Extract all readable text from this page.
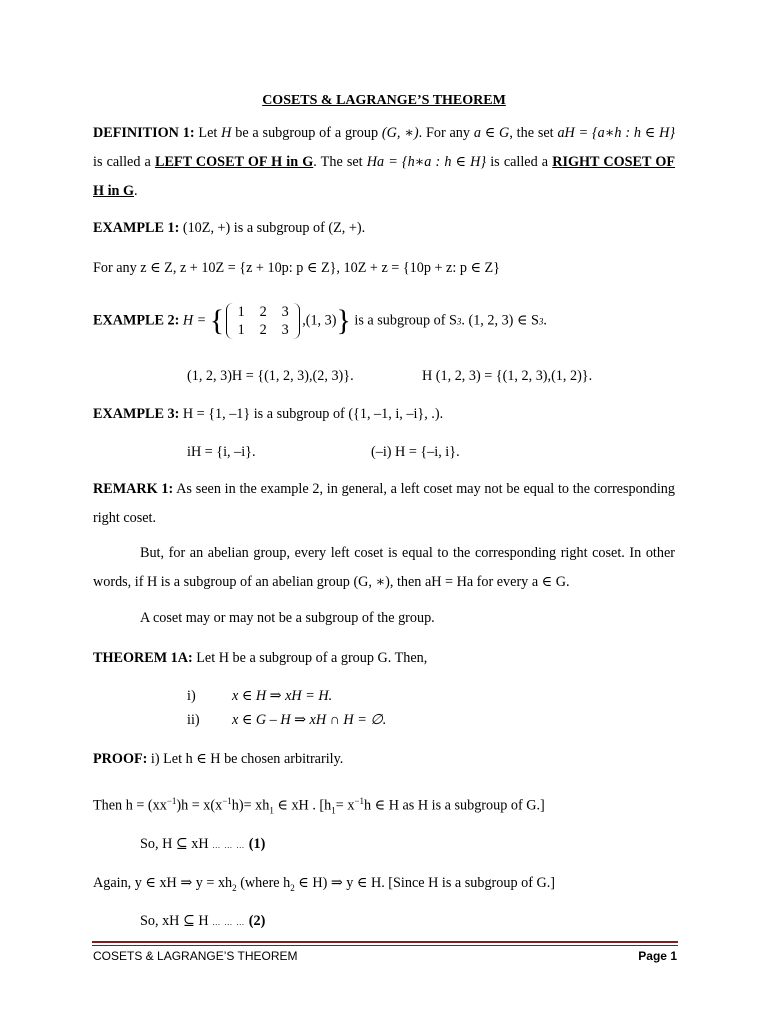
COSETS & LAGRANGE’S THEOREM
DEFINITION 1: Let H be a subgroup of a group (G, ∗). For any a ∈ G, the set aH = {a∗h : h ∈ H} is called a LEFT COSET OF H in G. The set Ha = {h∗a : h ∈ H} is called a RIGHT COSET OF H in G.
EXAMPLE 1: (10Z, +) is a subgroup of (Z, +).
For any z ∈ Z, z + 10Z = {z + 10p: p ∈ Z}, 10Z + z = {10p + z: p ∈ Z}
EXAMPLE 2: H = { 1	2	3
1	2	3
,(1, 3)} is a subgroup of S3. (1, 2, 3) ∈ S3.
(1, 2, 3)H = {(1, 2, 3),(2, 3)}.	H (1, 2, 3) = {(1, 2, 3),(1, 2)}.
EXAMPLE 3: H = {1, –1} is a subgroup of ({1, –1, i, –i}, .).
iH = {i, –i}.	(–i) H = {–i, i}.
REMARK 1: As seen in the example 2, in general, a left coset may not be equal to the corresponding right coset.
But, for an abelian group, every left coset is equal to the corresponding right coset. In other words, if H is a subgroup of an abelian group (G, ∗), then aH = Ha for every a ∈ G.
A coset may or may not be a subgroup of the group.
THEOREM 1A: Let H be a subgroup of a group G. Then,
i)	x ∈ H ⇒ xH = H.
ii)	x ∈ G – H ⇒ xH ∩ H = ∅.
PROOF: i) Let h ∈ H be chosen arbitrarily.
Then $h = (xx^{-1})h = x(x^{-1}h)= xh_1$ ∈ xH . [$h_1= x^{-1}h$ ∈ H as H is a subgroup of G.]
So, H ⊆ xH … … … (1)
Again, y ∈ xH ⇒ $y = xh_2$ (where $h_2$ ∈ H) ⇒ y ∈ H. [Since H is a subgroup of G.]
So, xH ⊆ H … … … (2)
COSETS & LAGRANGE’S THEOREM	Page 1
